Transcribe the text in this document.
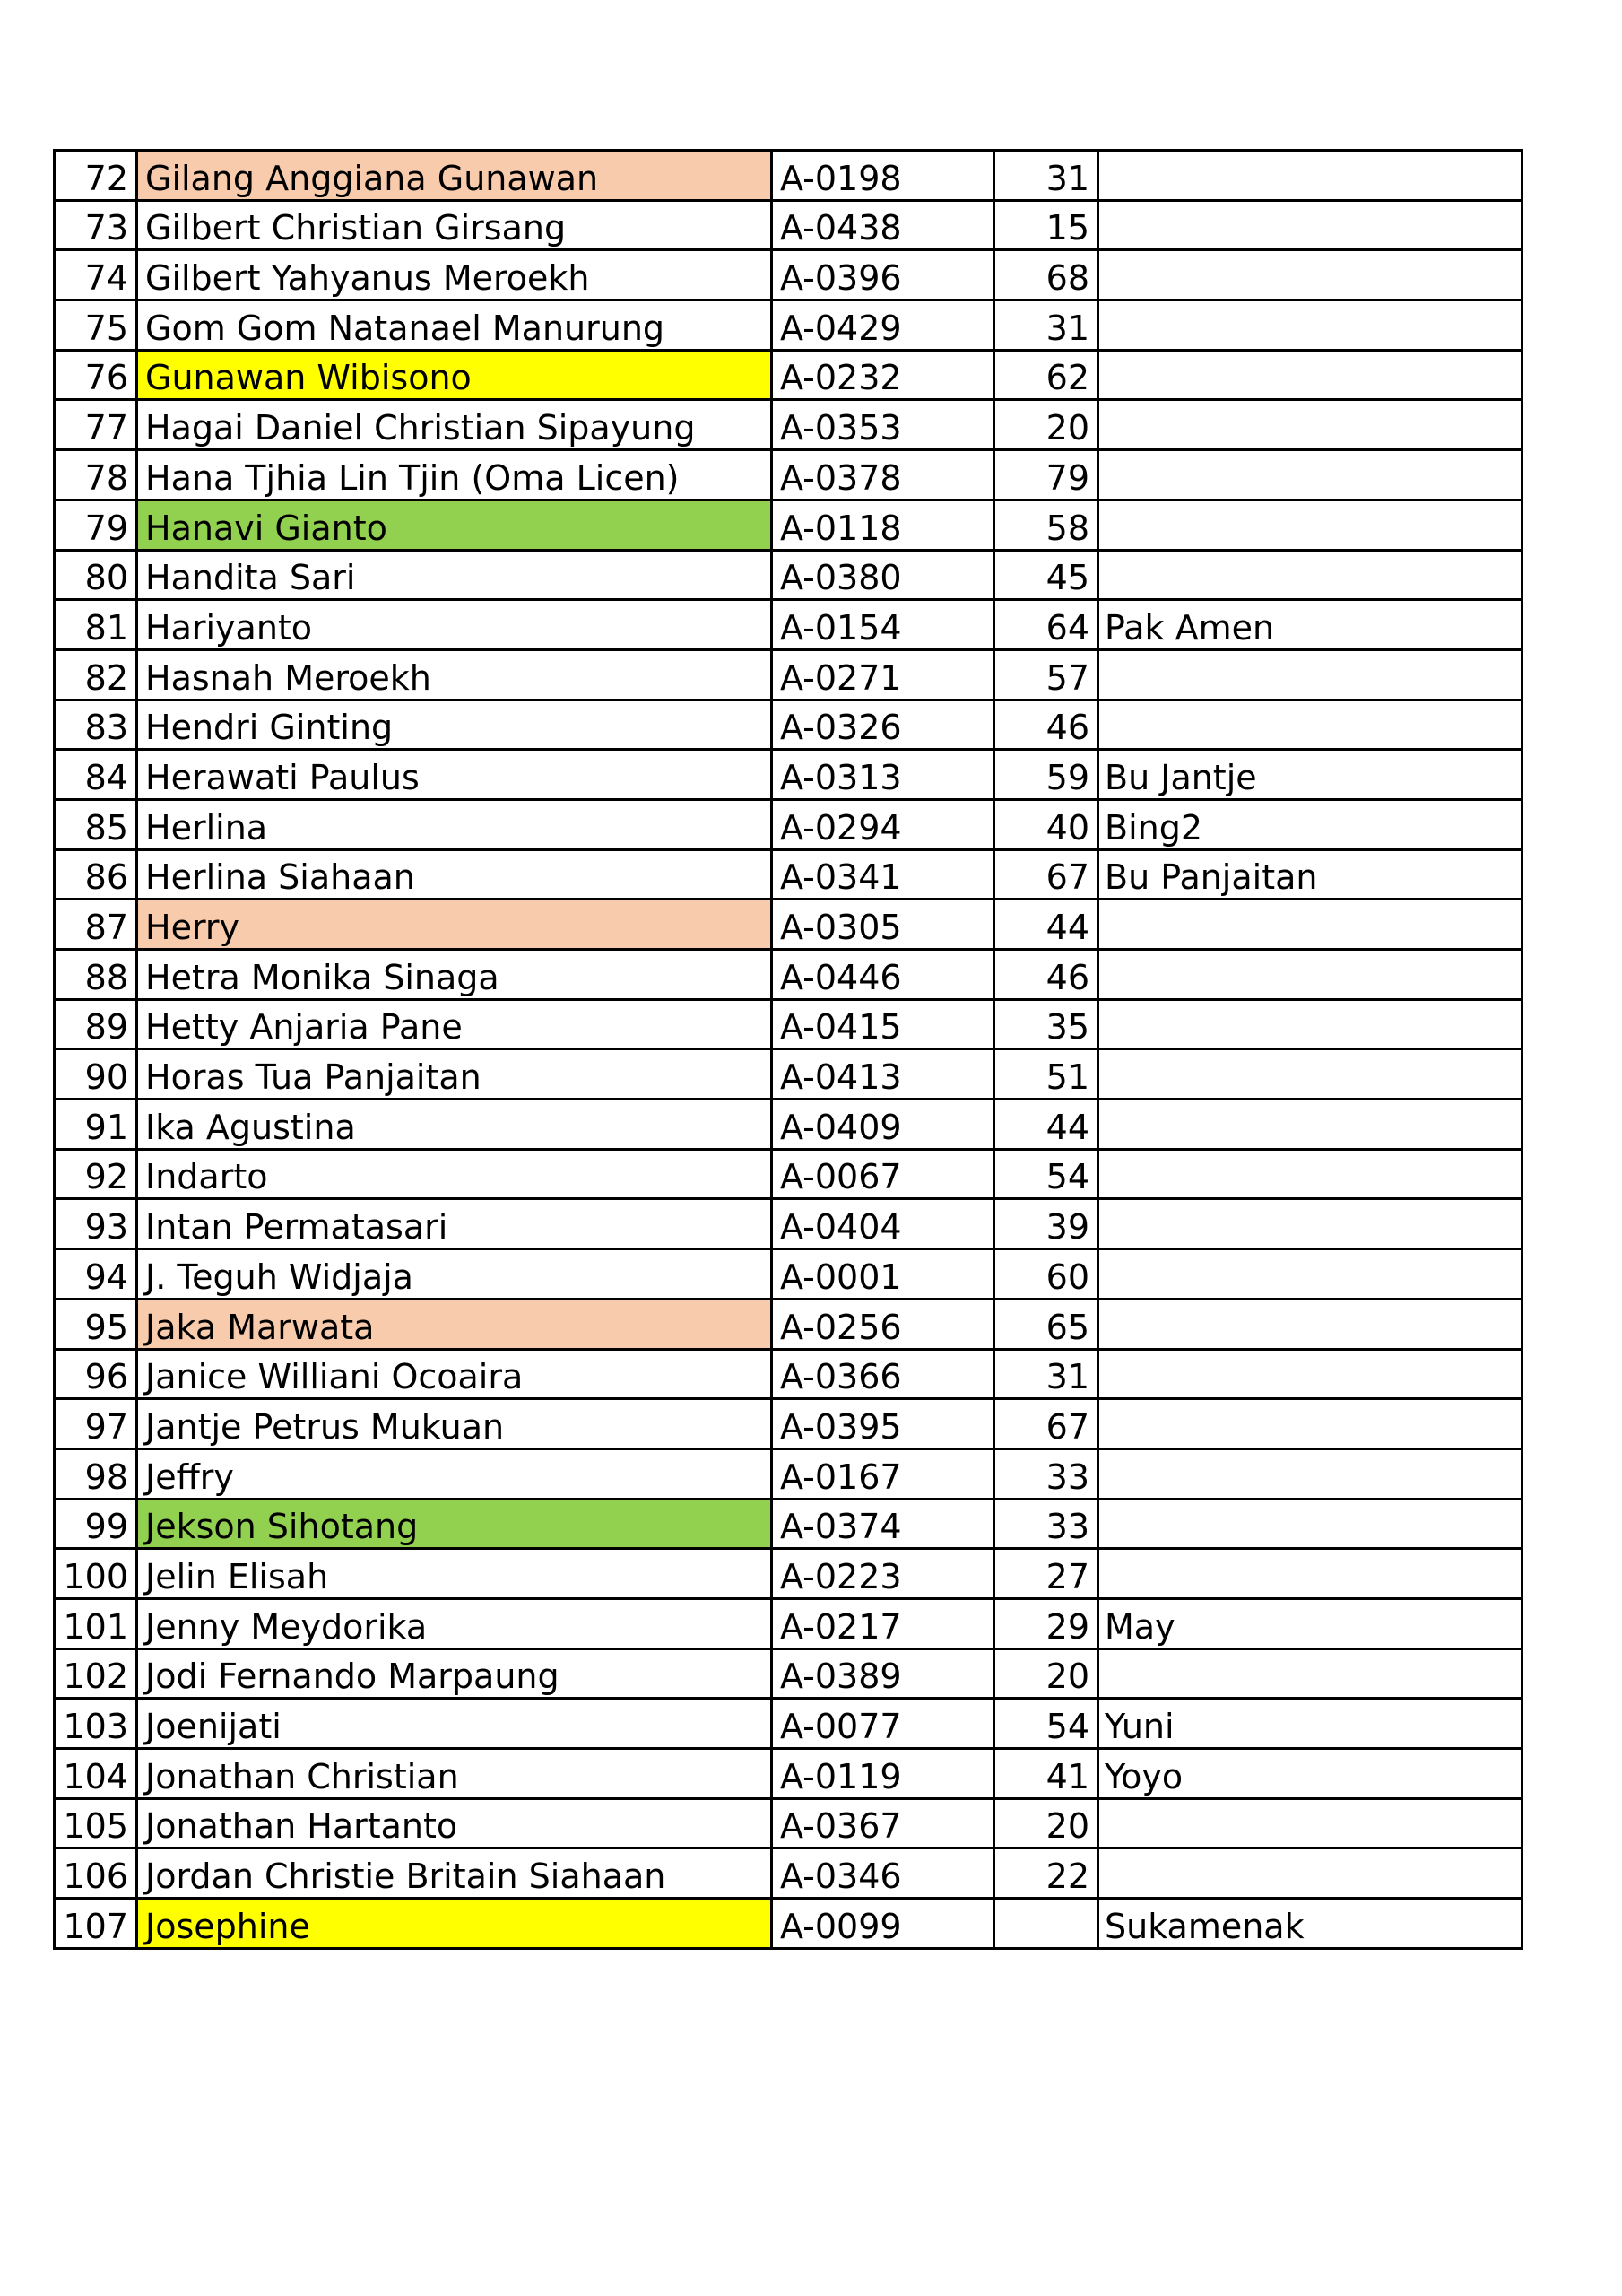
72	Gilang Anggiana Gunawan	A-0198	31	
73	Gilbert Christian Girsang	A-0438	15	
74	Gilbert Yahyanus Meroekh	A-0396	68	
75	Gom Gom Natanael Manurung	A-0429	31	
76	Gunawan Wibisono	A-0232	62	
77	Hagai Daniel Christian Sipayung	A-0353	20	
78	Hana Tjhia Lin Tjin (Oma Licen)	A-0378	79	
79	Hanavi Gianto	A-0118	58	
80	Handita Sari	A-0380	45	
81	Hariyanto	A-0154	64	Pak Amen
82	Hasnah Meroekh	A-0271	57	
83	Hendri Ginting	A-0326	46	
84	Herawati Paulus	A-0313	59	Bu Jantje
85	Herlina	A-0294	40	Bing2
86	Herlina Siahaan	A-0341	67	Bu Panjaitan
87	Herry	A-0305	44	
88	Hetra Monika Sinaga	A-0446	46	
89	Hetty Anjaria Pane	A-0415	35	
90	Horas Tua Panjaitan	A-0413	51	
91	Ika Agustina	A-0409	44	
92	Indarto	A-0067	54	
93	Intan Permatasari	A-0404	39	
94	J. Teguh Widjaja	A-0001	60	
95	Jaka Marwata	A-0256	65	
96	Janice Williani Ocoaira	A-0366	31	
97	Jantje Petrus Mukuan	A-0395	67	
98	Jeffry	A-0167	33	
99	Jekson Sihotang	A-0374	33	
100	Jelin Elisah	A-0223	27	
101	Jenny Meydorika	A-0217	29	May
102	Jodi Fernando Marpaung	A-0389	20	
103	Joenijati	A-0077	54	Yuni
104	Jonathan Christian	A-0119	41	Yoyo
105	Jonathan Hartanto	A-0367	20	
106	Jordan Christie Britain Siahaan	A-0346	22	
107	Josephine	A-0099		Sukamenak
